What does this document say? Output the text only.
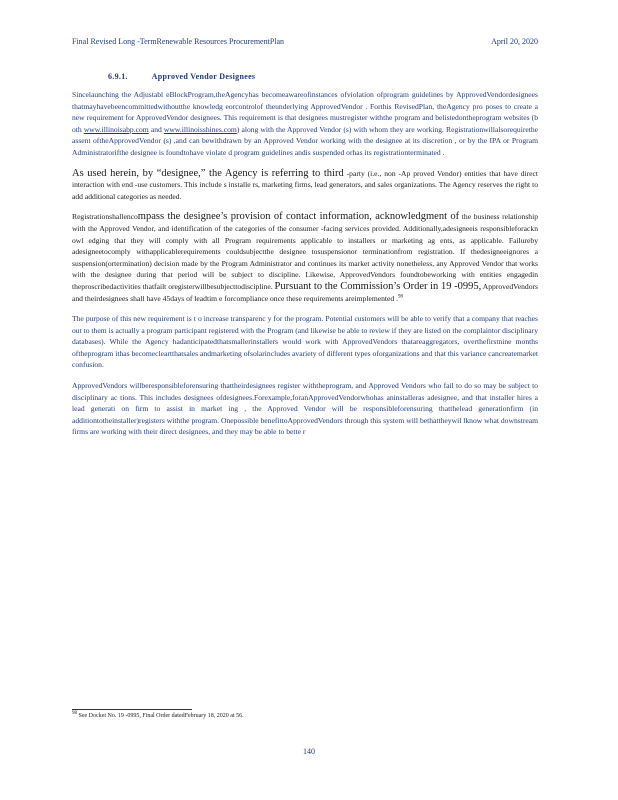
Final Revised Long -TermRenewable Resources ProcurementPlan	April 20, 2020
6.9.1.	Approved Vendor Designees

Sincelaunching the Adjustabl eBlockProgram,theAgencyhas becomeawareofinstances ofviolation ofprogram guidelines by ApprovedVendordesignees thatmayhavebeencommittedwithoutthe knowledg eorcontrolof theunderlying ApprovedVendor . Forthis RevisedPlan, theAgency pro poses to create a new requirement for ApprovedVendor designees. This requirement is that designees mustregister withthe program and belistedontheprogram websites (b oth www.illinoisabp.com and www.illinoisshines.com) along with the Approved Vendor (s) with whom they are working. Registrationwillalsorequirethe assent oftheApprovedVendor (s) ,and can bewithdrawn by an Approved Vendor working with the designee at its discretion , or by the IPA or Program Administratorifthe designee is foundtohave violate d program guidelines andis suspended orhas its registrationterminated .

As used herein, by “designee,” the Agency is referring to third -party (i.e., non -Ap proved Vendor) entities that have direct interaction with end -use customers. This include s installe rs, marketing firms, lead generators, and sales organizations. The Agency reserves the right to add additional categories as needed.

Registrationshallencompass the designee’s provision of contact information, acknowledgment of the business relationship with the Approved Vendor, and identification of the categories of the consumer -facing services provided. Additionally,adesigneeis responsibleforackn owl edging that they will comply with all Program requirements applicable to installers or marketing ag ents, as applicable. Failureby adesigneetocomply withapplicablerequirements couldsubjectthe designee tosuspensionor terminationfrom registration. If thedesigneeignores a suspension(ortermination) decision made by the Program Administrator and continues its market activity nonetheless, any Approved Vendor that works with the designee during that period will be subject to discipline. Likewise, ApprovedVendors foundtobeworking with entities engagedin theproscribedactivities thatfailt oregisterwillbesubjecttodiscipline. Pursuant to the Commission’s Order in 19 -0995, ApprovedVendors and theirdesignees shall have 45days of leadtim e forcompliance once these requirements areimplemented .$^{98}$

The purpose of this new requirement is t o increase transparenc y for the program. Potential customers will be able to verify that a company that reaches out to them is actually a program participant registered with the Program (and likewise be able to review if they are listed on the complaintor disciplinary databases). While the Agency hadanticipatedthatsmallerinstallers would work with ApprovedVendors thatareaggregators, overthefirstnine months oftheprogram ithas becomecleartthatsales andmarketing ofsolarincludes avariety of different types oforganizations and that this variance cancreatemarket confusion.

ApprovedVendors willberesponsibleforensuring thattheirdesignees register withtheprogram, and Approved Vendors who fail to do so may be subject to disciplinary ac tions. This includes designees ofdesignees.Forexample,foranApprovedVendorwhohas aninstalleras adesignee, and that installer hires a lead generati on firm to assist in market ing , the Approved Vendor will be responsibleforensuring thatthelead generationfirm (in additiontotheinstaller)registers withthe program. Onepossible benefittoApprovedVendors through this system will bethattheywil lknow what downstream firms are working with their direct designees, and they may be able to bette r

$^{98}$ See Docket No. 19 -0995, Final Order datedFebruary 18, 2020 at 56.
140
